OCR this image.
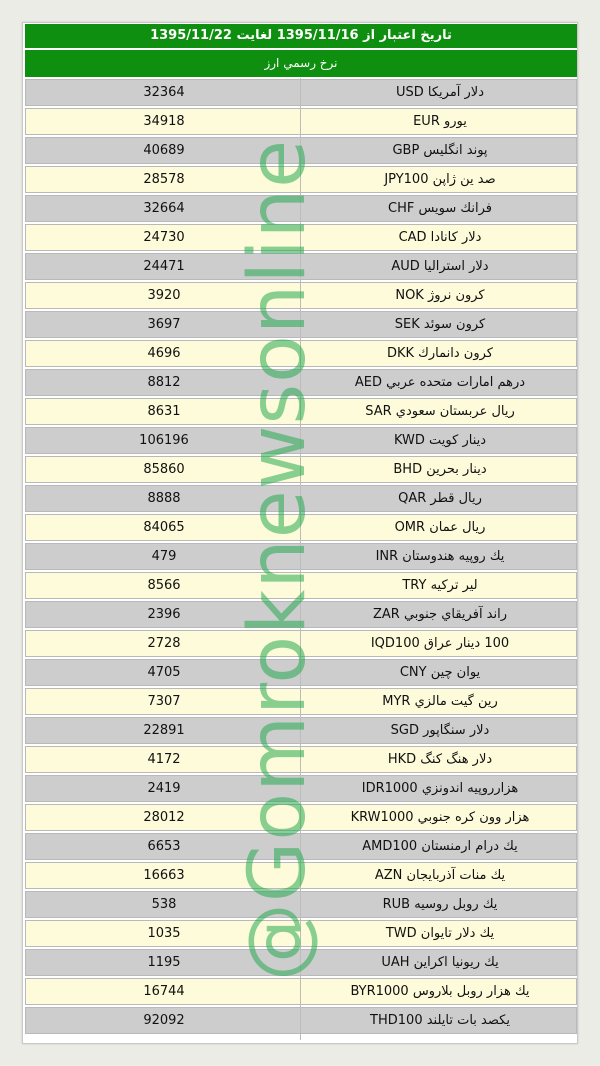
تاريخ اعتبار از 1395/11/16 لغايت 1395/11/22
نرخ رسمي ارز
32364	دلار آمريكا USD
34918	يورو EUR
40689	پوند انگليس GBP
28578	صد ين ژاپن JPY100
32664	فرانك سويس CHF
24730	دلار كانادا CAD
24471	دلار استراليا AUD
3920	كرون نروژ NOK
3697	كرون سوئد SEK
4696	كرون دانمارك DKK
8812	درهم امارات متحده عربي AED
8631	ريال عربستان سعودي SAR
106196	دينار كويت KWD
85860	دينار بحرين BHD
8888	ريال قطر QAR
84065	ريال عمان OMR
479	يك روپيه هندوستان INR
8566	لير تركيه TRY
2396	راند آفريقاي جنوبي ZAR
2728	100 دينار عراق IQD100
4705	يوان چين CNY
7307	رين گيت مالزي MYR
22891	دلار سنگاپور SGD
4172	دلار هنگ كنگ HKD
2419	هزارروپيه اندونزي IDR1000
28012	هزار وون كره جنوبي KRW1000
6653	يك درام ارمنستان AMD100
16663	يك منات آذربايجان AZN
538	يك روبل روسيه RUB
1035	يك دلار تايوان TWD
1195	يك ريونيا اكراين UAH
16744	يك هزار روبل بلاروس BYR1000
92092	يكصد بات تايلند THD100
@Gomroknewsonline
